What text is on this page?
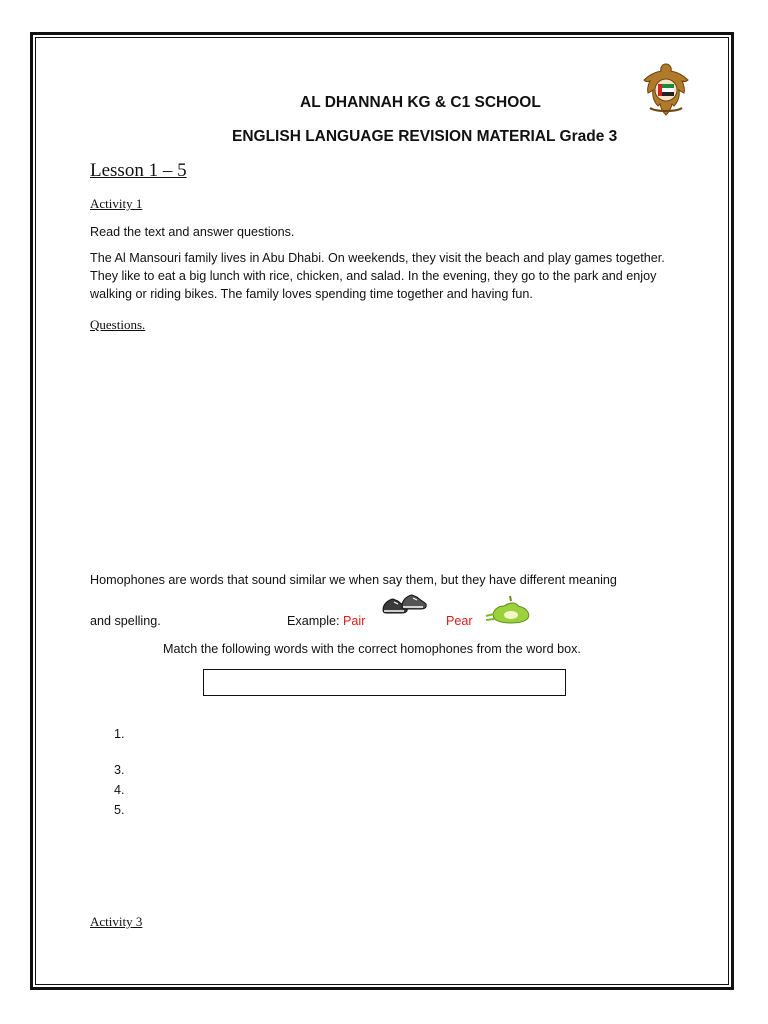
AL DHANNAH KG & C1 SCHOOL
ENGLISH LANGUAGE REVISION MATERIAL Grade 3
Lesson 1 – 5
Activity 1
Read the text and answer questions.
The Al Mansouri family lives in Abu Dhabi. On weekends, they visit the beach and play games together. They like to eat a big lunch with rice, chicken, and salad. In the evening, they go to the park and enjoy walking or riding bikes. The family loves spending time together and having fun.
Questions.
Homophones are words that sound similar we when say them, but they have different meaning
and spelling.	Example: Pair	Pear
Match the following words with the correct homophones from the word box.
1.
3.
4.
5.
Activity 3
